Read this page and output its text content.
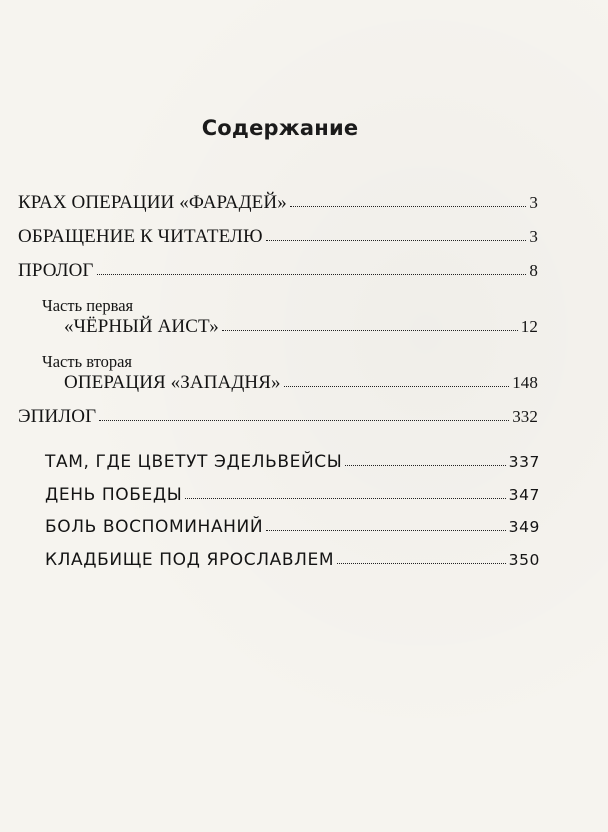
Содержание
КРАХ ОПЕРАЦИИ «ФАРАДЕЙ»	3
ОБРАЩЕНИЕ К ЧИТАТЕЛЮ	3
ПРОЛОГ	8
Часть первая
«ЧЁРНЫЙ АИСТ»	12
Часть вторая
ОПЕРАЦИЯ «ЗАПАДНЯ»	148
ЭПИЛОГ	332
ТАМ, ГДЕ ЦВЕТУТ ЭДЕЛЬВЕЙСЫ	337
ДЕНЬ ПОБЕДЫ	347
БОЛЬ ВОСПОМИНАНИЙ	349
КЛАДБИЩЕ ПОД ЯРОСЛАВЛЕМ	350
